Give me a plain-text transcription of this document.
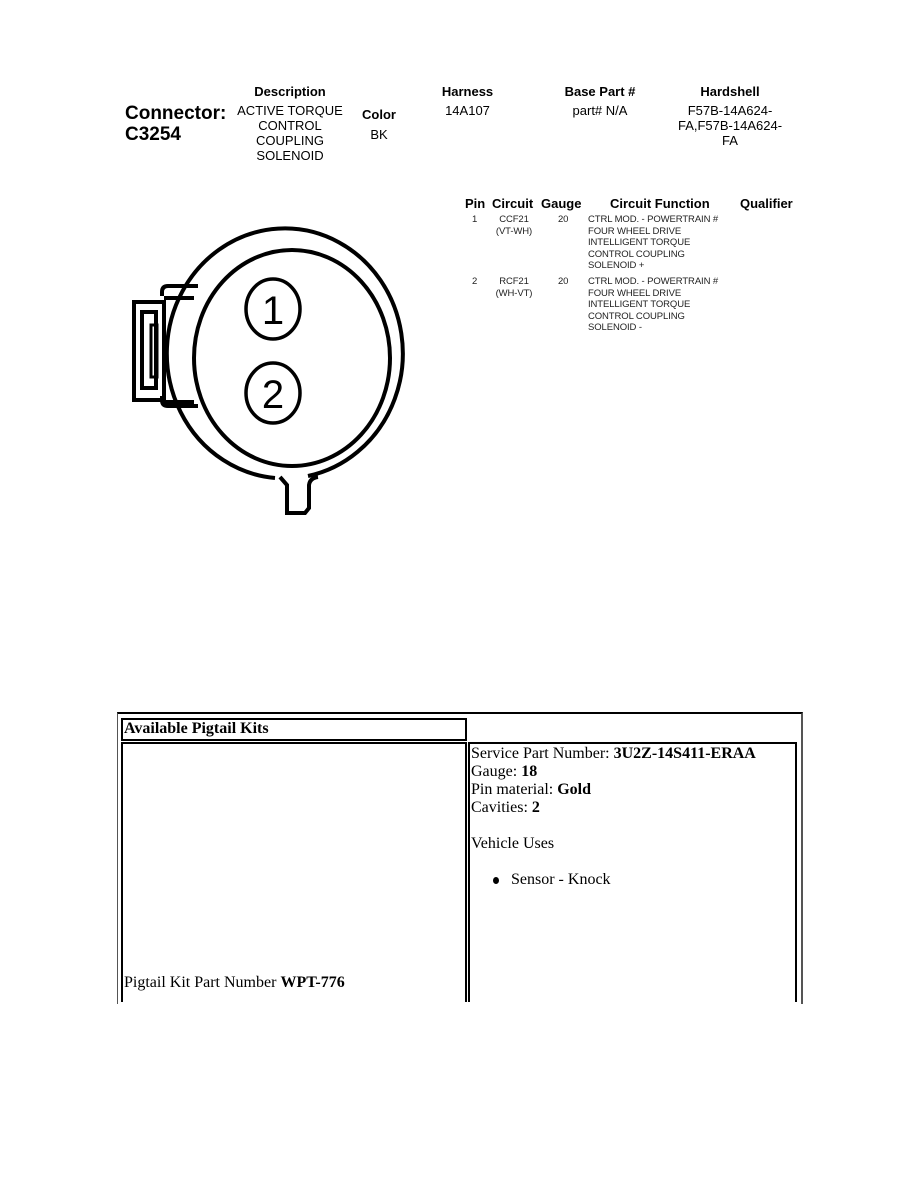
Connector:
C3254
Description
ACTIVE TORQUE
CONTROL
COUPLING
SOLENOID
Color
BK
Harness
14A107
Base Part #
part# N/A
Hardshell
F57B-14A624-
FA,F57B-14A624-
FA
1
2
Pin Circuit Gauge Circuit Function Qualifier
1	CCF21
(VT-WH)
20 CTRL MOD. - POWERTRAIN #
FOUR WHEEL DRIVE
INTELLIGENT TORQUE
CONTROL COUPLING
SOLENOID +
2	RCF21
(WH-VT)
20 CTRL MOD. - POWERTRAIN #
FOUR WHEEL DRIVE
INTELLIGENT TORQUE
CONTROL COUPLING
SOLENOID -
Available Pigtail Kits
Pigtail Kit Part Number WPT-776
Service Part Number: 3U2Z-14S411-ERAA
Gauge: 18
Pin material: Gold
Cavities: 2
Vehicle Uses
Sensor - Knock
